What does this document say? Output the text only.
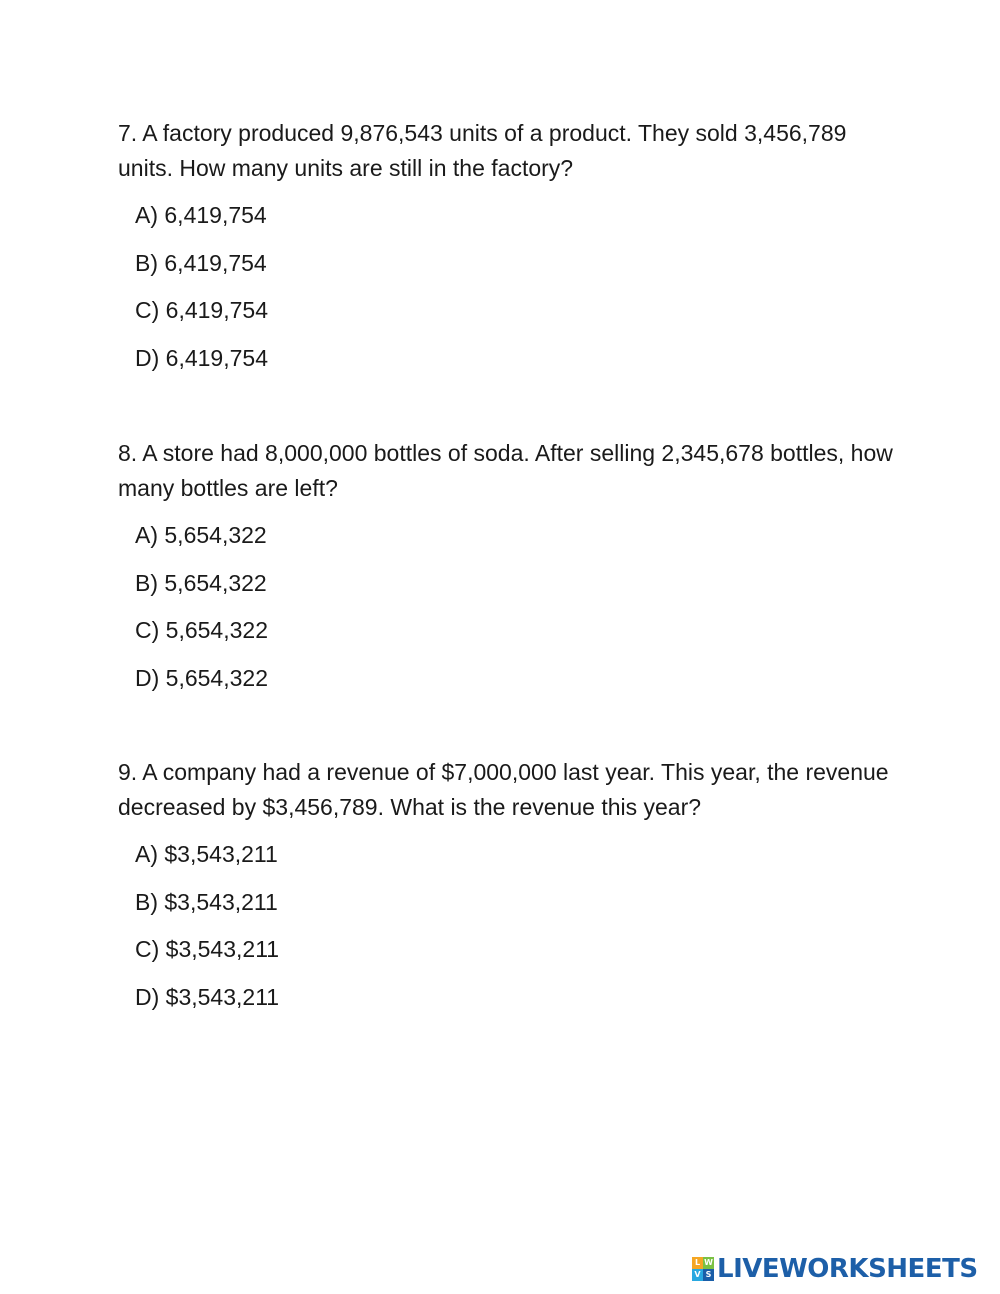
7. A factory produced 9,876,543 units of a product. They sold 3,456,789 units. How many units are still in the factory?

A) 6,419,754
B) 6,419,754
C) 6,419,754
D) 6,419,754

8. A store had 8,000,000 bottles of soda. After selling 2,345,678 bottles, how many bottles are left?

A) 5,654,322
B) 5,654,322
C) 5,654,322
D) 5,654,322

9. A company had a revenue of $7,000,000 last year. This year, the revenue decreased by $3,456,789. What is the revenue this year?

A) $3,543,211
B) $3,543,211
C) $3,543,211
D) $3,543,211
L W
V S LIVEWORKSHEETS
